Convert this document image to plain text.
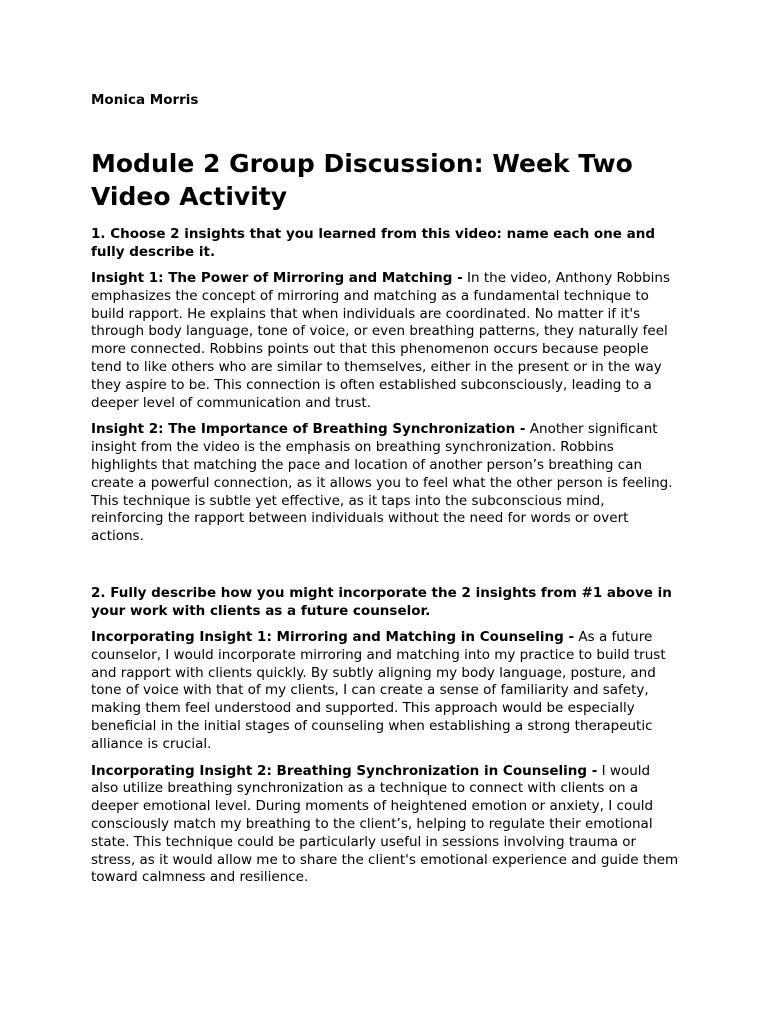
Monica Morris

Module 2 Group Discussion: Week Two Video Activity

1. Choose 2 insights that you learned from this video: name each one and fully describe it.

Insight 1: The Power of Mirroring and Matching - In the video, Anthony Robbins emphasizes the concept of mirroring and matching as a fundamental technique to build rapport. He explains that when individuals are coordinated. No matter if it's through body language, tone of voice, or even breathing patterns, they naturally feel more connected. Robbins points out that this phenomenon occurs because people tend to like others who are similar to themselves, either in the present or in the way they aspire to be. This connection is often established subconsciously, leading to a deeper level of communication and trust.

Insight 2: The Importance of Breathing Synchronization - Another significant insight from the video is the emphasis on breathing synchronization. Robbins highlights that matching the pace and location of another person’s breathing can create a powerful connection, as it allows you to feel what the other person is feeling. This technique is subtle yet effective, as it taps into the subconscious mind, reinforcing the rapport between individuals without the need for words or overt actions.

2. Fully describe how you might incorporate the 2 insights from #1 above in your work with clients as a future counselor.

Incorporating Insight 1: Mirroring and Matching in Counseling - As a future counselor, I would incorporate mirroring and matching into my practice to build trust and rapport with clients quickly. By subtly aligning my body language, posture, and tone of voice with that of my clients, I can create a sense of familiarity and safety, making them feel understood and supported. This approach would be especially beneficial in the initial stages of counseling when establishing a strong therapeutic alliance is crucial.

Incorporating Insight 2: Breathing Synchronization in Counseling - I would also utilize breathing synchronization as a technique to connect with clients on a deeper emotional level. During moments of heightened emotion or anxiety, I could consciously match my breathing to the client’s, helping to regulate their emotional state. This technique could be particularly useful in sessions involving trauma or stress, as it would allow me to share the client's emotional experience and guide them toward calmness and resilience.
